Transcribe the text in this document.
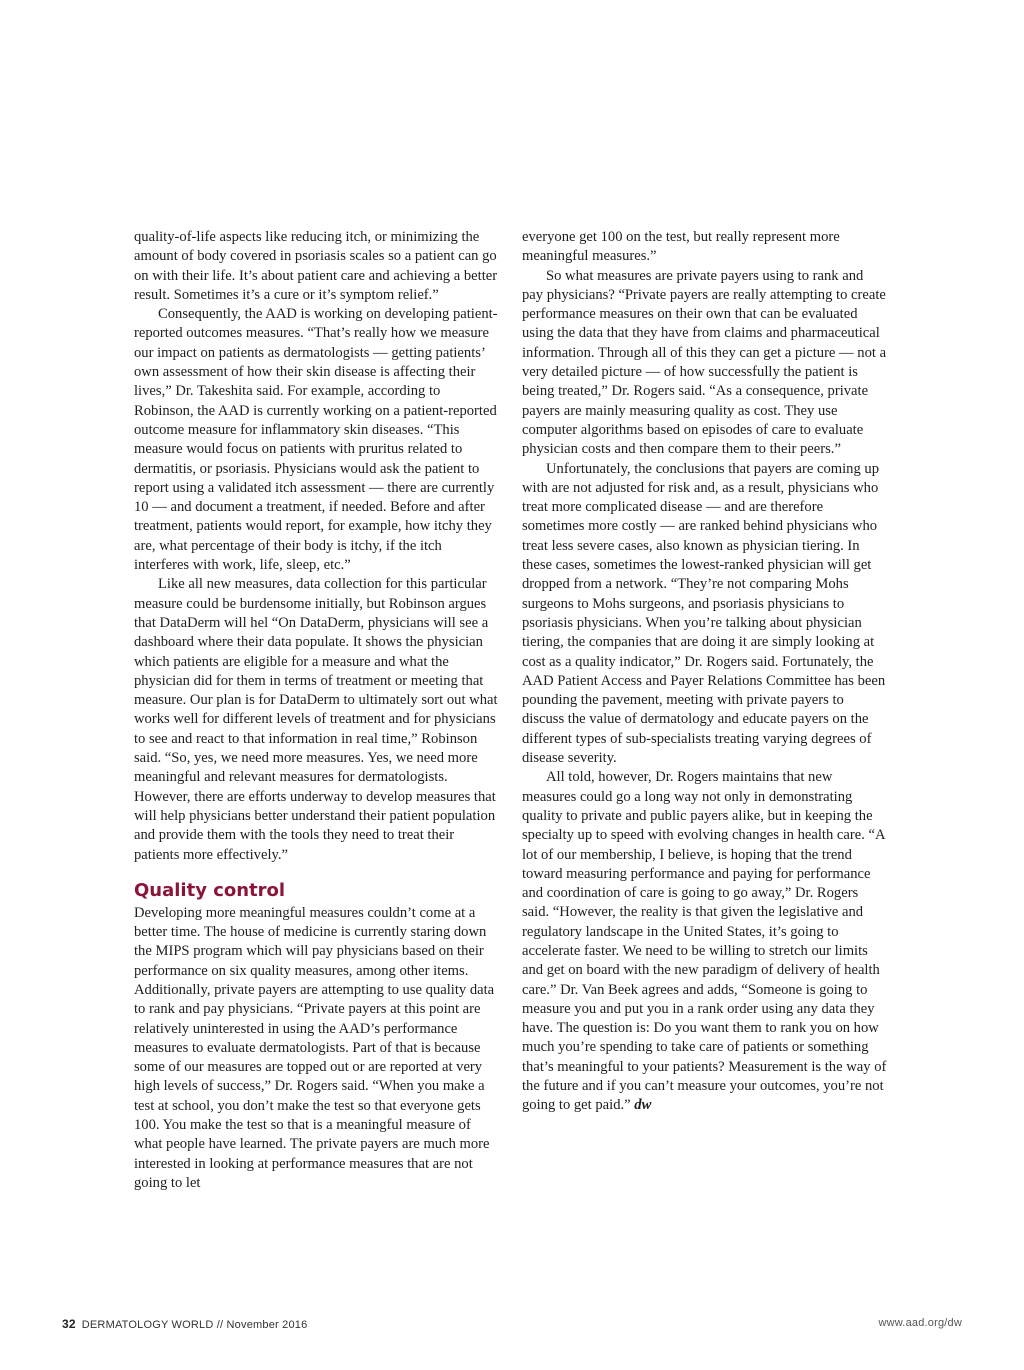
quality-of-life aspects like reducing itch, or minimizing the amount of body covered in psoriasis scales so a patient can go on with their life. It’s about patient care and achieving a better result. Sometimes it’s a cure or it’s symptom relief.”

Consequently, the AAD is working on developing patient-reported outcomes measures. “That’s really how we measure our impact on patients as dermatologists — getting patients’ own assessment of how their skin disease is affecting their lives,” Dr. Takeshita said. For example, according to Robinson, the AAD is currently working on a patient-reported outcome measure for inflammatory skin diseases. “This measure would focus on patients with pruritus related to dermatitis, or psoriasis. Physicians would ask the patient to report using a validated itch assessment — there are currently 10 — and document a treatment, if needed. Before and after treatment, patients would report, for example, how itchy they are, what percentage of their body is itchy, if the itch interferes with work, life, sleep, etc.”

Like all new measures, data collection for this particular measure could be burdensome initially, but Robinson argues that DataDerm will hel “On DataDerm, physicians will see a dashboard where their data populate. It shows the physician which patients are eligible for a measure and what the physician did for them in terms of treatment or meeting that measure. Our plan is for DataDerm to ultimately sort out what works well for different levels of treatment and for physicians to see and react to that information in real time,” Robinson said. “So, yes, we need more measures. Yes, we need more meaningful and relevant measures for dermatologists. However, there are efforts underway to develop measures that will help physicians better understand their patient population and provide them with the tools they need to treat their patients more effectively.”

Quality control

Developing more meaningful measures couldn’t come at a better time. The house of medicine is currently staring down the MIPS program which will pay physicians based on their performance on six quality measures, among other items. Additionally, private payers are attempting to use quality data to rank and pay physicians. “Private payers at this point are relatively uninterested in using the AAD’s performance measures to evaluate dermatologists. Part of that is because some of our measures are topped out or are reported at very high levels of success,” Dr. Rogers said. “When you make a test at school, you don’t make the test so that everyone gets 100. You make the test so that is a meaningful measure of what people have learned. The private payers are much more interested in looking at performance measures that are not going to let

everyone get 100 on the test, but really represent more meaningful measures.”

So what measures are private payers using to rank and pay physicians? “Private payers are really attempting to create performance measures on their own that can be evaluated using the data that they have from claims and pharmaceutical information. Through all of this they can get a picture — not a very detailed picture — of how successfully the patient is being treated,” Dr. Rogers said. “As a consequence, private payers are mainly measuring quality as cost. They use computer algorithms based on episodes of care to evaluate physician costs and then compare them to their peers.”

Unfortunately, the conclusions that payers are coming up with are not adjusted for risk and, as a result, physicians who treat more complicated disease — and are therefore sometimes more costly — are ranked behind physicians who treat less severe cases, also known as physician tiering. In these cases, sometimes the lowest-ranked physician will get dropped from a network. “They’re not comparing Mohs surgeons to Mohs surgeons, and psoriasis physicians to psoriasis physicians. When you’re talking about physician tiering, the companies that are doing it are simply looking at cost as a quality indicator,” Dr. Rogers said. Fortunately, the AAD Patient Access and Payer Relations Committee has been pounding the pavement, meeting with private payers to discuss the value of dermatology and educate payers on the different types of sub-specialists treating varying degrees of disease severity.

All told, however, Dr. Rogers maintains that new measures could go a long way not only in demonstrating quality to private and public payers alike, but in keeping the specialty up to speed with evolving changes in health care. “A lot of our membership, I believe, is hoping that the trend toward measuring performance and paying for performance and coordination of care is going to go away,” Dr. Rogers said. “However, the reality is that given the legislative and regulatory landscape in the United States, it’s going to accelerate faster. We need to be willing to stretch our limits and get on board with the new paradigm of delivery of health care.” Dr. Van Beek agrees and adds, “Someone is going to measure you and put you in a rank order using any data they have. The question is: Do you want them to rank you on how much you’re spending to take care of patients or something that’s meaningful to your patients? Measurement is the way of the future and if you can’t measure your outcomes, you’re not going to get paid.” dw

32 DERMATOLOGY WORLD // November 2016	www.aad.org/dw
